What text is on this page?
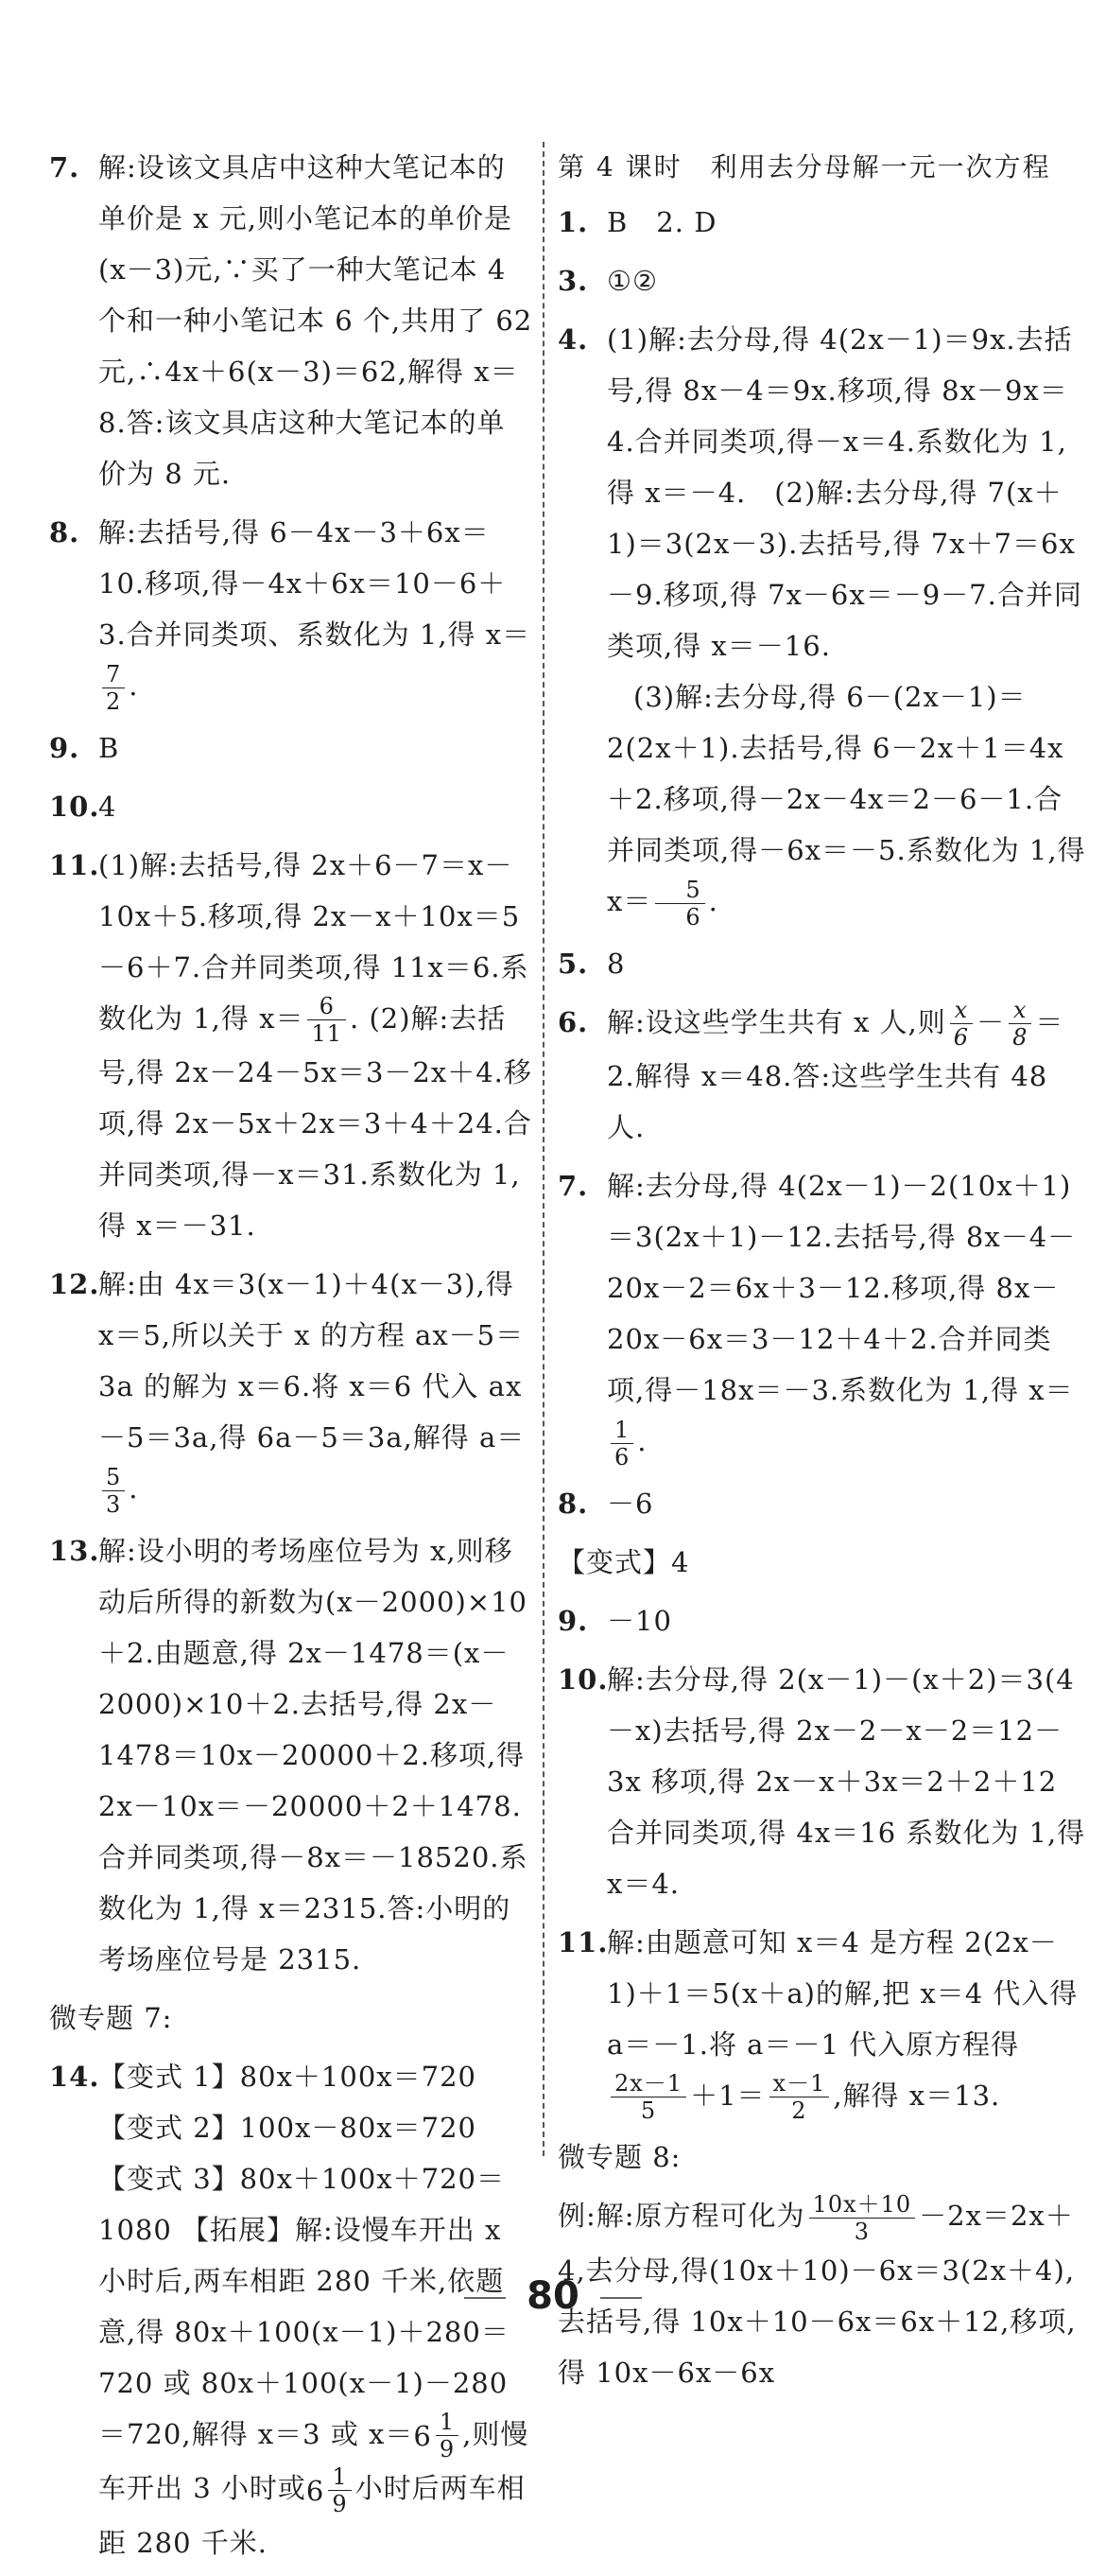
7. 解:设该文具店中这种大笔记本的单价是 x 元,则小笔记本的单价是(x－3)元,∵买了一种大笔记本 4 个和一种小笔记本 6 个,共用了 62 元,∴4x＋6(x－3)＝62,解得 x＝8.答:该文具店这种大笔记本的单价为 8 元.
8. 解:去括号,得 6－4x－3＋6x＝10.移项,得－4x＋6x＝10－6＋3.合并同类项、系数化为 1,得 x＝
$\frac{7}{2}$ .
9. B
10.
4
11.
(1)解:去括号,得 2x＋6－7＝x－10x＋5.移项,得 2x－x＋10x＝5－6＋7.合并同类项,得 11x＝6.系数化为 1,得 $x= \frac{6}{11}$ . (2)解:去括号,得 2x－24－5x＝3－2x＋4.移项,得 2x－5x＋2x＝3＋4＋24.合并同类项,得－x＝31.系数化为 1,得 x＝－31.
12.
解:由 4x＝3(x－1)＋4(x－3),得 x＝5,所以关于 x 的方程 ax－5＝3a 的解为 x＝6.将 x＝6 代入 ax－5＝3a,得 6a－5＝3a,解得 a＝
$\frac{5}{3}$ .
13.
解:设小明的考场座位号为 x,则移动后所得的新数为(x－2000)×10＋2.由题意,得 2x－1478＝(x－2000)×10＋2.去括号,得 2x－1478＝10x－20000＋2.移项,得 2x－10x＝－20000＋2＋1478.合并同类项,得－8x＝－18520.系数化为 1,得 x＝2315.答:小明的考场座位号是 2315.
微专题 7:
14.
【变式 1】80x＋100x＝720 【变式 2】100x－80x＝720 【变式 3】80x＋100x＋720＝1080 【拓展】解:设慢车开出 x 小时后,两车相距 280 千米,依题意,得 80x＋100(x－1)＋280＝720 或 80x＋100(x－1)－280＝720,解得 x＝3 或 $x=6 \frac{1}{9}$ ,则慢车开出 3 小时或$6 \frac{1}{9}$ 小时后两车相距 280 千米.
第 4 课时　利用去分母解一元一次方程
1. B　2. D
3. ①②
4. (1)解:去分母,得 4(2x－1)＝9x.去括号,得 8x－4＝9x.移项,得 8x－9x＝4.合并同类项,得－x＝4.系数化为 1,得 x＝－4.　(2)解:去分母,得 7(x＋1)＝3(2x－3).去括号,得 7x＋7＝6x－9.移项,得 7x－6x＝－9－7.合并同类项,得 x＝－16.
(3)解:去分母,得 6－(2x－1)＝2(2x＋1).去括号,得 6－2x＋1＝4x＋2.移项,得－2x－4x＝2－6－1.合并同类项,得－6x＝－5.系数化为 1,得 $x= \frac{5}{6}$ .
5. 8
6. 解:设这些学生共有 x 人,则 $\frac{x}{6} - \frac{x}{8} =2$.解得 x＝48.答:这些学生共有 48 人.
7. 解:去分母,得 4(2x－1)－2(10x＋1)＝3(2x＋1)－12.去括号,得 8x－4－20x－2＝6x＋3－12.移项,得 8x－20x－6x＝3－12＋4＋2.合并同类项,得－18x＝－3.系数化为 1,得 x＝
$\frac{1}{6}$ .
8. －6
【变式】4
9. －10
10.
解:去分母,得 2(x－1)－(x＋2)＝3(4－x)去括号,得 2x－2－x－2＝12－3x 移项,得 2x－x＋3x＝2＋2＋12 合并同类项,得 4x＝16 系数化为 1,得 x＝4.
11.
解:由题意可知 x＝4 是方程 2(2x－1)＋1＝5(x＋a)的解,把 x＝4 代入得 a＝－1.将 a＝－1 代入原方程得
$\frac{2x-1}{5} +1= \frac{x-1}{2}$ ,解得 x＝13.
微专题 8:
例:解:原方程可化为 $\frac{10x+10}{3} -2x=2x+4$,去分母,得(10x＋10)－6x＝3(2x＋4),去括号,得 10x＋10－6x＝6x＋12,移项,得 10x－6x－6x
80
